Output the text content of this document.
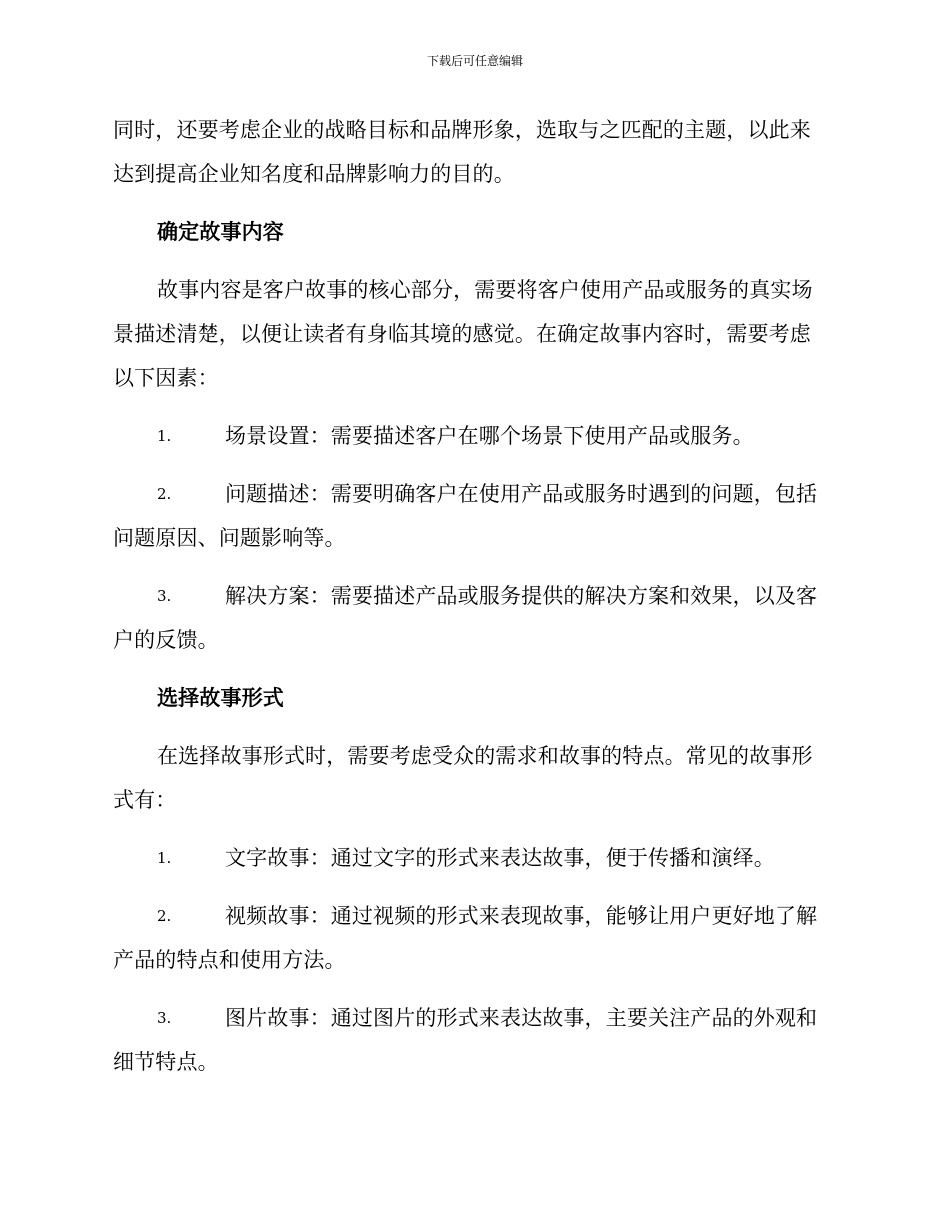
下载后可任意编辑
同时，还要考虑企业的战略目标和品牌形象，选取与之匹配的主题，以此来
达到提高企业知名度和品牌影响力的目的。
确定故事内容
故事内容是客户故事的核心部分，需要将客户使用产品或服务的真实场
景描述清楚，以便让读者有身临其境的感觉。在确定故事内容时，需要考虑
以下因素：
1.	场景设置：需要描述客户在哪个场景下使用产品或服务。
2.	问题描述：需要明确客户在使用产品或服务时遇到的问题，包括
问题原因、问题影响等。
3.	解决方案：需要描述产品或服务提供的解决方案和效果，以及客
户的反馈。
选择故事形式
在选择故事形式时，需要考虑受众的需求和故事的特点。常见的故事形
式有：
1.	文字故事：通过文字的形式来表达故事，便于传播和演绎。
2.	视频故事：通过视频的形式来表现故事，能够让用户更好地了解
产品的特点和使用方法。
3.	图片故事：通过图片的形式来表达故事，主要关注产品的外观和
细节特点。
